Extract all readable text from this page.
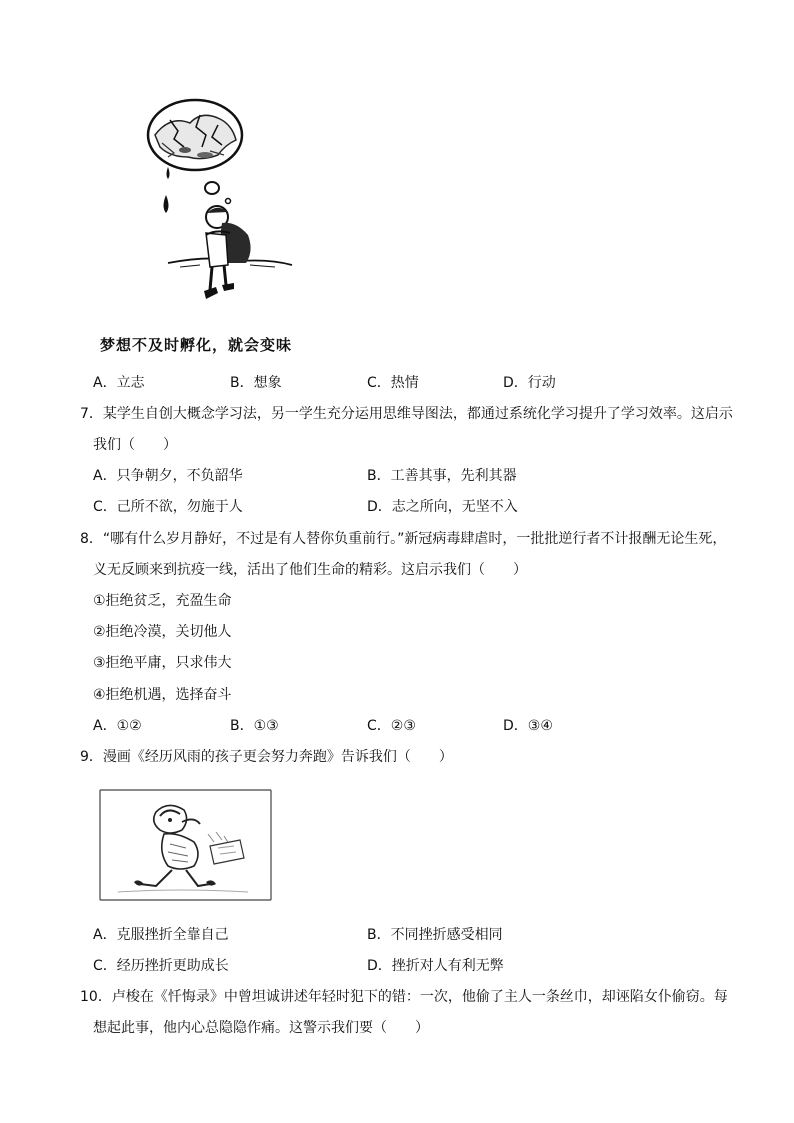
梦想不及时孵化，就会变味
A．立志	B．想象	C．热情	D．行动
7．某学生自创大概念学习法，另一学生充分运用思维导图法，都通过系统化学习提升了学习效率。这启示
我们（　　）
A．只争朝夕，不负韶华	B．工善其事，先利其器
C．己所不欲，勿施于人	D．志之所向，无坚不入
8．“哪有什么岁月静好，不过是有人替你负重前行。”新冠病毒肆虐时，一批批逆行者不计报酬无论生死，
义无反顾来到抗疫一线，活出了他们生命的精彩。这启示我们（　　）
①拒绝贫乏，充盈生命
②拒绝冷漠，关切他人
③拒绝平庸，只求伟大
④拒绝机遇，选择奋斗
A．①②	B．①③	C．②③	D．③④
9．漫画《经历风雨的孩子更会努力奔跑》告诉我们（　　）
A．克服挫折全靠自己	B．不同挫折感受相同
C．经历挫折更助成长	D．挫折对人有利无弊
10．卢梭在《忏悔录》中曾坦诚讲述年轻时犯下的错：一次，他偷了主人一条丝巾，却诬陷女仆偷窃。每
想起此事，他内心总隐隐作痛。这警示我们要（　　）
